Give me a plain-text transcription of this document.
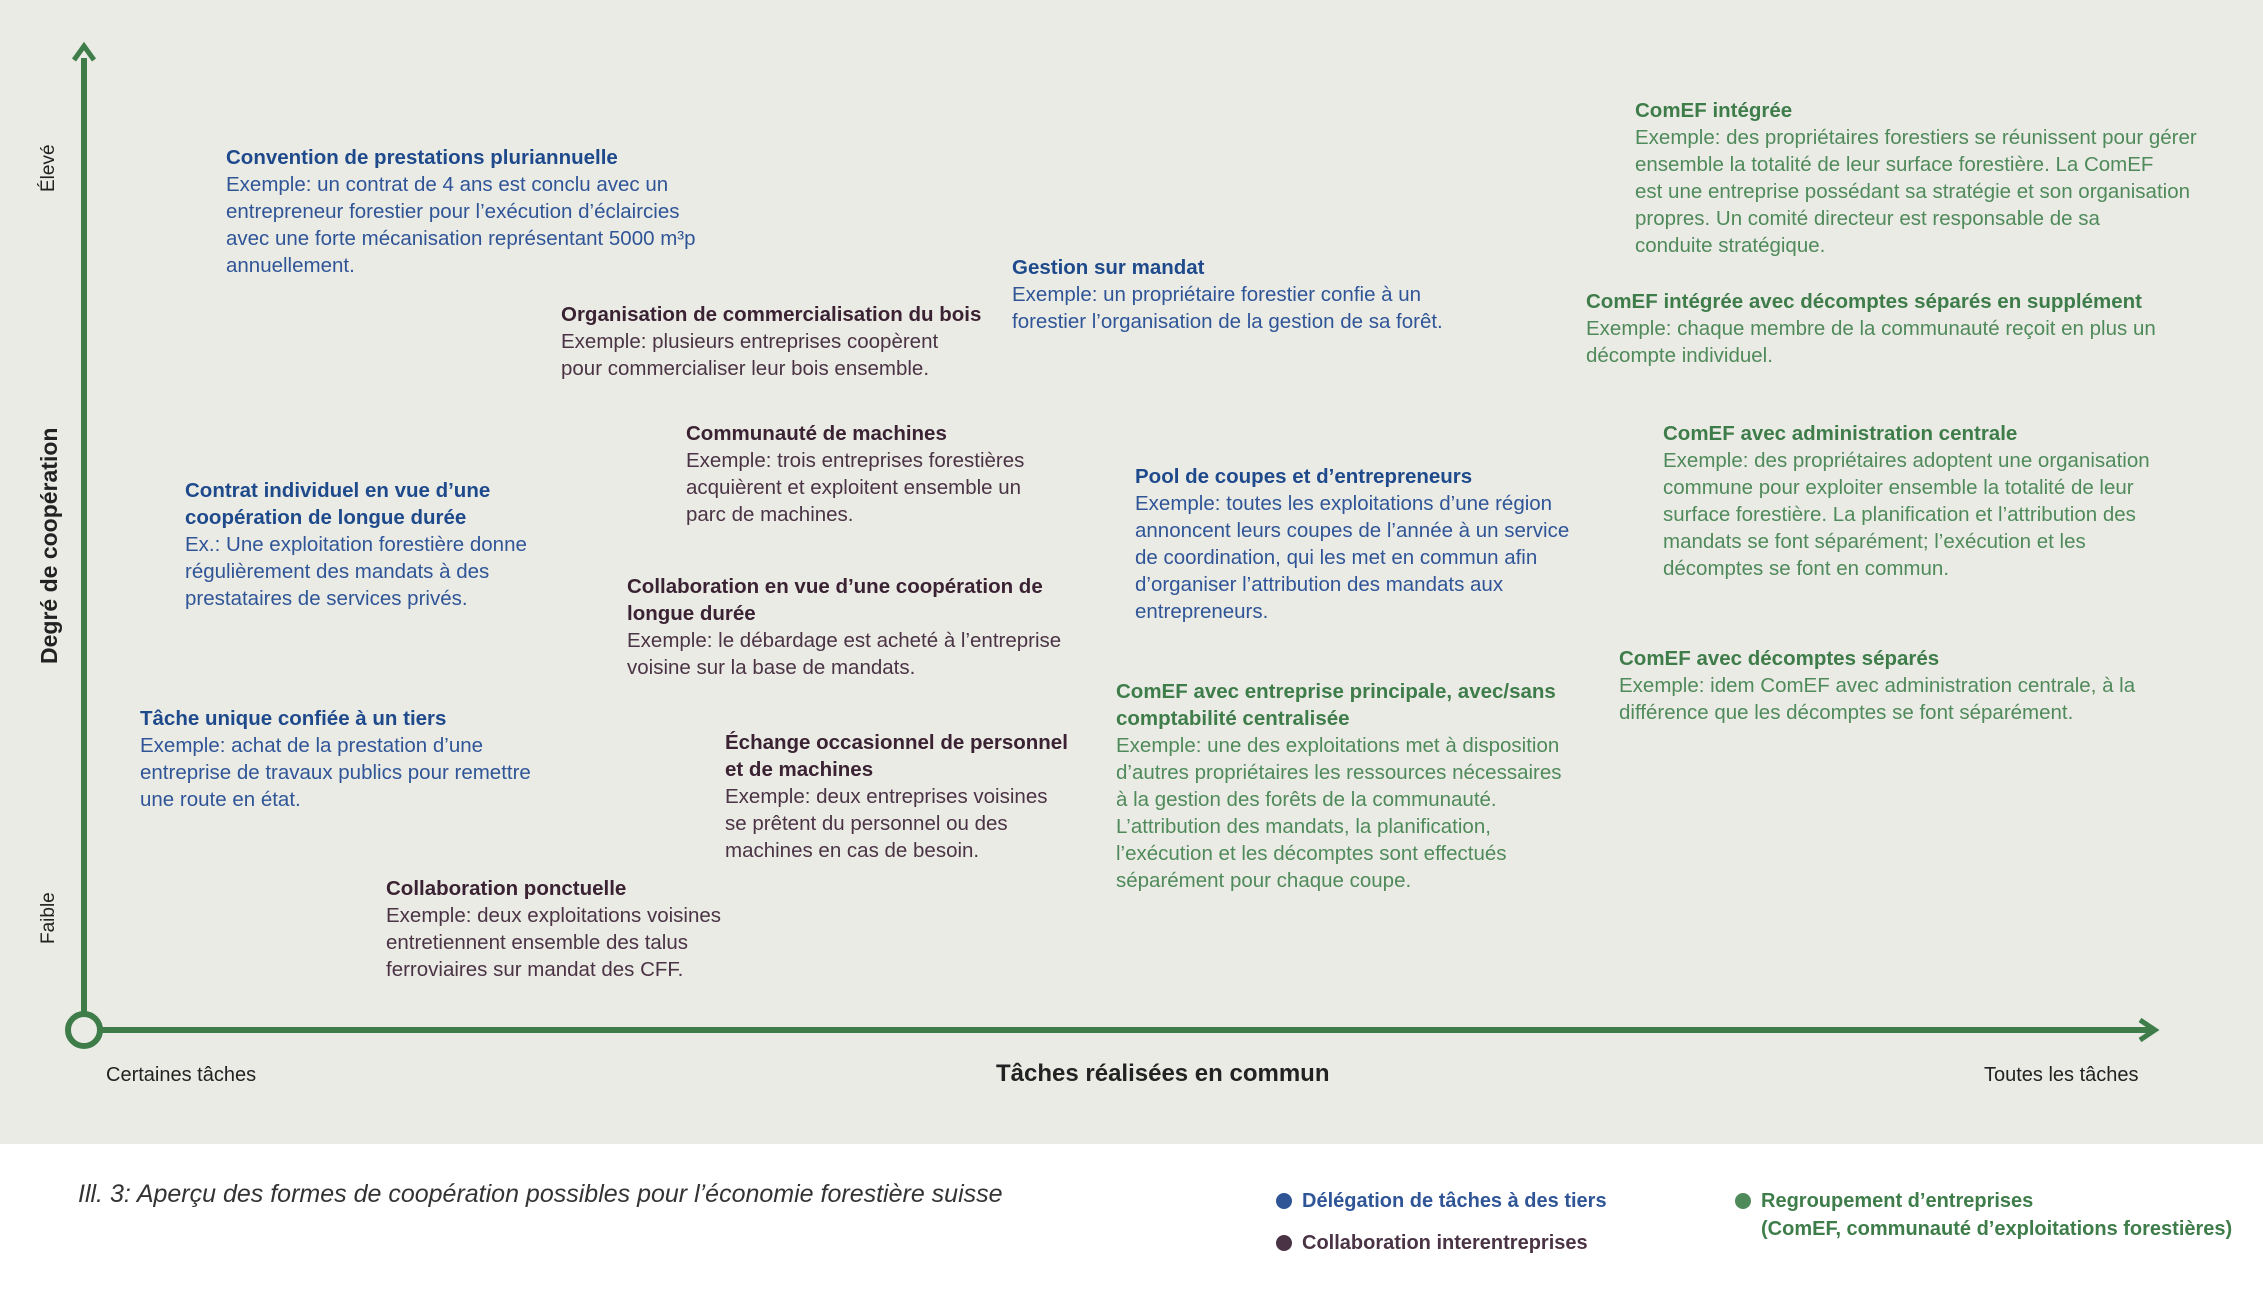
Degré de coopération
Élevé
Faible
Certaines tâches	Tâches réalisées en commun	Toutes les tâches
Convention de prestations pluriannuelle
Exemple: un contrat de 4 ans est conclu avec un
entrepreneur forestier pour l’exécution d’éclaircies
avec une forte mécanisation représentant 5000 m³p
annuellement.
Contrat individuel en vue d’une
coopération de longue durée
Ex.: Une exploitation forestière donne
régulièrement des mandats à des
prestataires de services privés.
Tâche unique confiée à un tiers
Exemple: achat de la prestation d’une
entreprise de travaux publics pour remettre
une route en état.
Gestion sur mandat
Exemple: un propriétaire forestier confie à un
forestier l’organisation de la gestion de sa forêt.
Pool de coupes et d’entrepreneurs
Exemple: toutes les exploitations d’une région
annoncent leurs coupes de l’année à un service
de coordination, qui les met en commun afin
d’organiser l’attribution des mandats aux
entrepreneurs.
Organisation de commercialisation du bois
Exemple: plusieurs entreprises coopèrent
pour commercialiser leur bois ensemble.
Communauté de machines
Exemple: trois entreprises forestières
acquièrent et exploitent ensemble un
parc de machines.
Collaboration en vue d’une coopération de
longue durée
Exemple: le débardage est acheté à l’entreprise
voisine sur la base de mandats.
Échange occasionnel de personnel
et de machines
Exemple: deux entreprises voisines
se prêtent du personnel ou des
machines en cas de besoin.
Collaboration ponctuelle
Exemple: deux exploitations voisines
entretiennent ensemble des talus
ferroviaires sur mandat des CFF.
ComEF intégrée
Exemple: des propriétaires forestiers se réunissent pour gérer
ensemble la totalité de leur surface forestière. La ComEF
est une entreprise possédant sa stratégie et son organisation
propres. Un comité directeur est responsable de sa
conduite stratégique.
ComEF intégrée avec décomptes séparés en supplément
Exemple: chaque membre de la communauté reçoit en plus un
décompte individuel.
ComEF avec administration centrale
Exemple: des propriétaires adoptent une organisation
commune pour exploiter ensemble la totalité de leur
surface forestière. La planification et l’attribution des
mandats se font séparément; l’exécution et les
décomptes se font en commun.
ComEF avec décomptes séparés
Exemple: idem ComEF avec administration centrale, à la
différence que les décomptes se font séparément.
ComEF avec entreprise principale, avec/sans
comptabilité centralisée
Exemple: une des exploitations met à disposition
d’autres propriétaires les ressources nécessaires
à la gestion des forêts de la communauté.
L’attribution des mandats, la planification,
l’exécution et les décomptes sont effectués
séparément pour chaque coupe.
Ill. 3: Aperçu des formes de coopération possibles pour l’économie forestière suisse	Délégation de tâches à des tiers
Collaboration interentreprises
Regroupement d’entreprises
(ComEF, communauté d’exploitations forestières)
